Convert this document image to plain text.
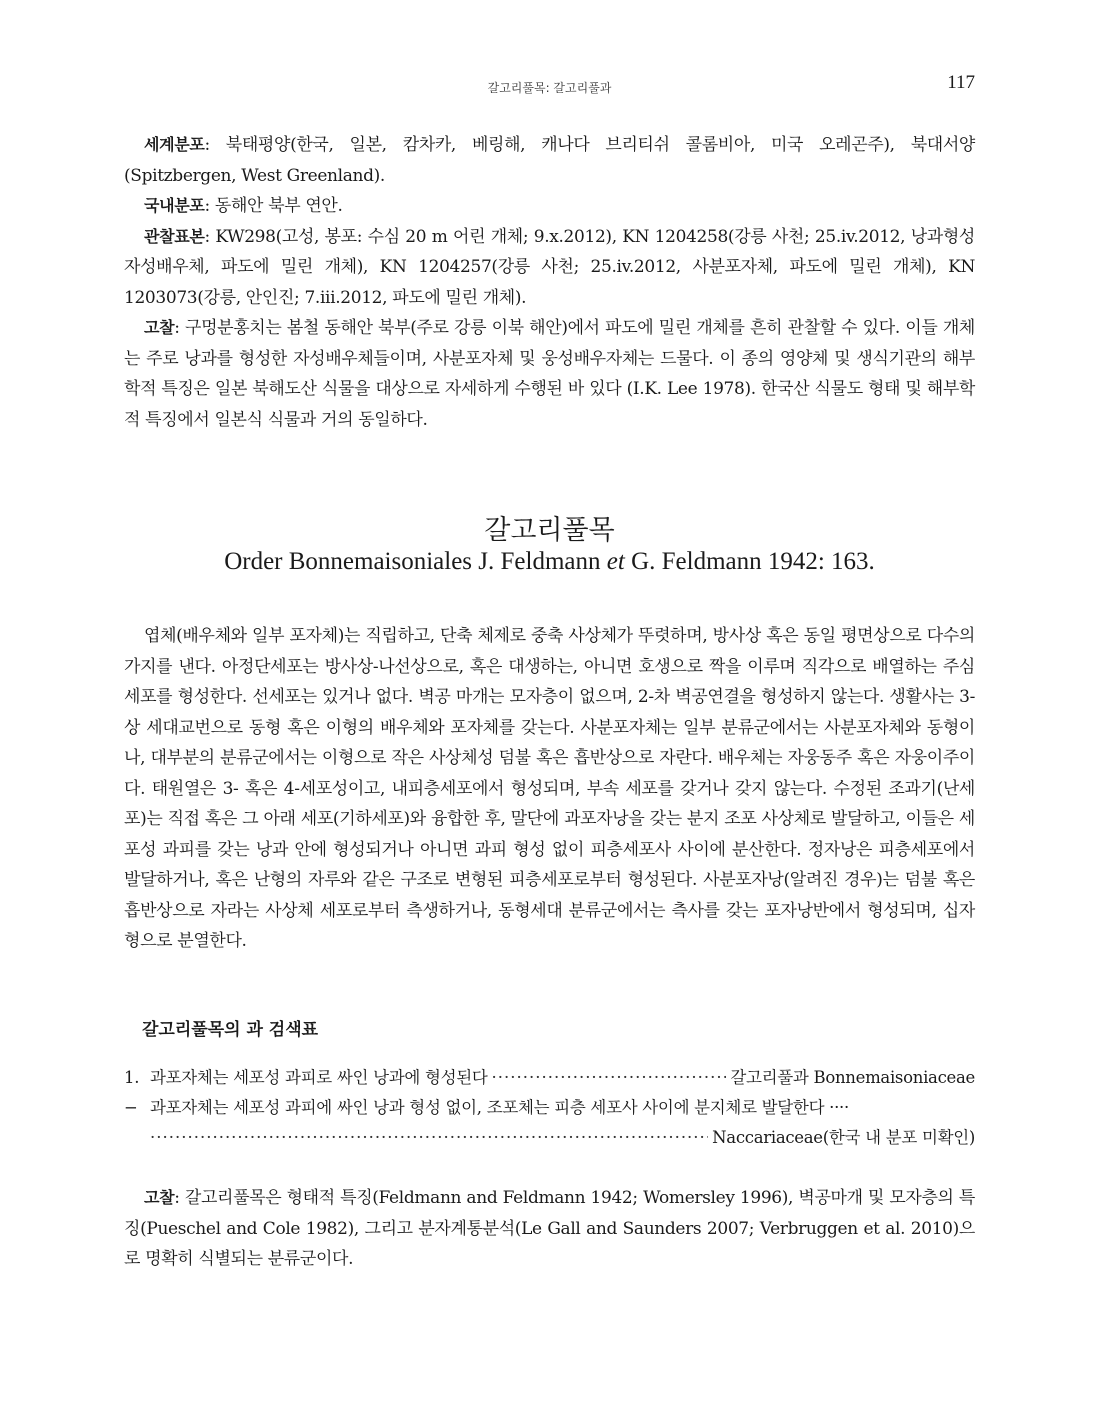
갈고리풀목: 갈고리풀과	117

세계분포: 북태평양(한국, 일본, 캄차카, 베링해, 캐나다 브리티쉬 콜롬비아, 미국 오레곤주), 북대서양 (Spitzbergen, West Greenland).

국내분포: 동해안 북부 연안.

관찰표본: KW298(고성, 봉포: 수심 20 m 어린 개체; 9.x.2012), KN 1204258(강릉 사천; 25.iv.2012, 낭과형성 자성배우체, 파도에 밀린 개체), KN 1204257(강릉 사천; 25.iv.2012, 사분포자체, 파도에 밀린 개체), KN 1203073(강릉, 안인진; 7.iii.2012, 파도에 밀린 개체).

고찰: 구멍분홍치는 봄철 동해안 북부(주로 강릉 이북 해안)에서 파도에 밀린 개체를 흔히 관찰할 수 있다. 이들 개체는 주로 낭과를 형성한 자성배우체들이며, 사분포자체 및 웅성배우자체는 드물다. 이 종의 영양체 및 생식기관의 해부학적 특징은 일본 북해도산 식물을 대상으로 자세하게 수행된 바 있다 (I.K. Lee 1978). 한국산 식물도 형태 및 해부학적 특징에서 일본식 식물과 거의 동일하다.

갈고리풀목
Order Bonnemaisoniales J. Feldmann et G. Feldmann 1942: 163.

엽체(배우체와 일부 포자체)는 직립하고, 단축 체제로 중축 사상체가 뚜렷하며, 방사상 혹은 동일 평면상으로 다수의 가지를 낸다. 아정단세포는 방사상-나선상으로, 혹은 대생하는, 아니면 호생으로 짝을 이루며 직각으로 배열하는 주심세포를 형성한다. 선세포는 있거나 없다. 벽공 마개는 모자층이 없으며, 2-차 벽공연결을 형성하지 않는다. 생활사는 3-상 세대교번으로 동형 혹은 이형의 배우체와 포자체를 갖는다. 사분포자체는 일부 분류군에서는 사분포자체와 동형이나, 대부분의 분류군에서는 이형으로 작은 사상체성 덤불 혹은 흡반상으로 자란다. 배우체는 자웅동주 혹은 자웅이주이다. 태원열은 3- 혹은 4-세포성이고, 내피층세포에서 형성되며, 부속 세포를 갖거나 갖지 않는다. 수정된 조과기(난세포)는 직접 혹은 그 아래 세포(기하세포)와 융합한 후, 말단에 과포자낭을 갖는 분지 조포 사상체로 발달하고, 이들은 세포성 과피를 갖는 낭과 안에 형성되거나 아니면 과피 형성 없이 피층세포사 사이에 분산한다. 정자낭은 피층세포에서 발달하거나, 혹은 난형의 자루와 같은 구조로 변형된 피층세포로부터 형성된다. 사분포자낭(알려진 경우)는 덤불 혹은 흡반상으로 자라는 사상체 세포로부터 측생하거나, 동형세대 분류군에서는 측사를 갖는 포자낭반에서 형성되며, 십자형으로 분열한다.

갈고리풀목의 과 검색표
1. 과포자체는 세포성 과피로 싸인 낭과에 형성된다
·····	갈고리풀과 Bonnemaisoniaceae
− 과포자체는 세포성 과피에 싸인 낭과 형성 없이, 조포체는 피층 세포사 사이에 분지체로 발달한다 ····
·····
Naccariaceae(한국 내 분포 미확인)

고찰: 갈고리풀목은 형태적 특징(Feldmann and Feldmann 1942; Womersley 1996), 벽공마개 및 모자층의 특징(Pueschel and Cole 1982), 그리고 분자계통분석(Le Gall and Saunders 2007; Verbruggen et al. 2010)으로 명확히 식별되는 분류군이다.
